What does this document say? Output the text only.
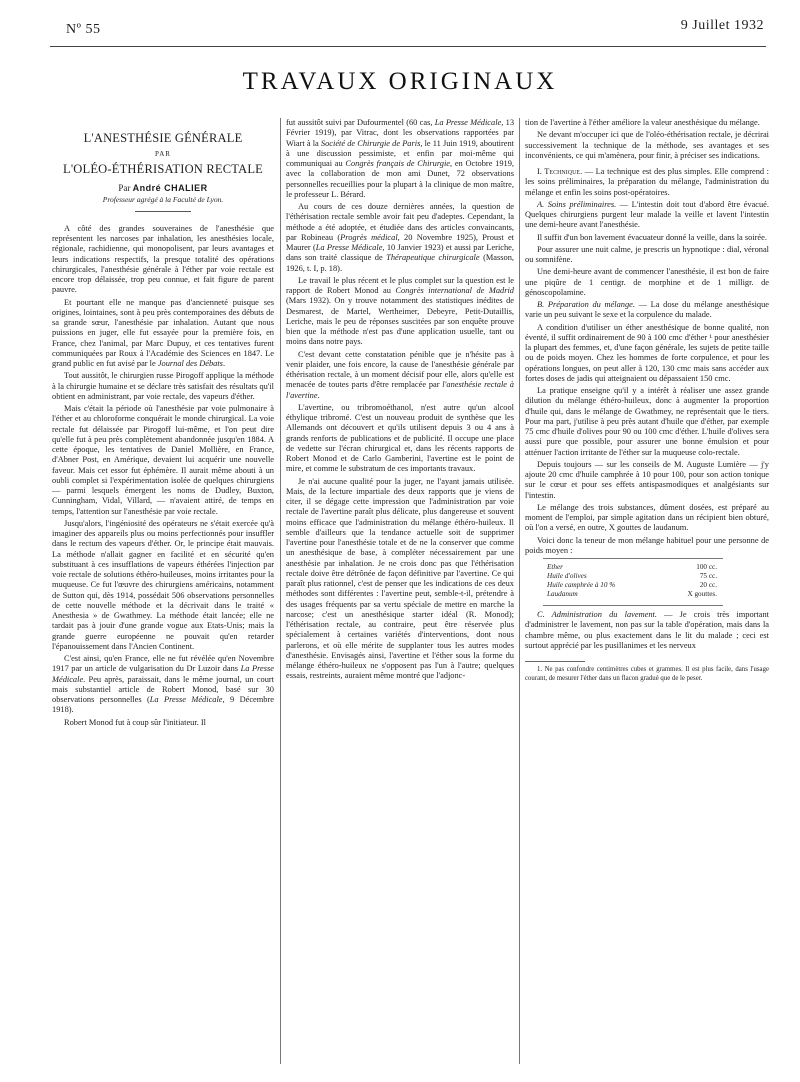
Nº 55	9 Juillet 1932
TRAVAUX ORIGINAUX
L'ANESTHÉSIE GÉNÉRALE
PAR
L'OLÉO-ÉTHÉRISATION RECTALE
Par André CHALIER
Professeur agrégé à la Faculté de Lyon.

A côté des grandes souveraines de l'anesthésie que représentent les narcoses par inhalation, les anesthésies locale, régionale, rachidienne, qui monopolisent, par leurs avantages et leurs indications respectifs, la presque totalité des opérations chirurgicales, l'anesthésie générale à l'éther par voie rectale est encore trop délaissée, trop peu connue, et fait figure de parent pauvre.

Et pourtant elle ne manque pas d'ancienneté puisque ses origines, lointaines, sont à peu près contemporaines des débuts de sa grande sœur, l'anesthésie par inhalation. Autant que nous puissions en juger, elle fut essayée pour la première fois, en France, chez l'animal, par Marc Dupuy, et ces tentatives furent communiquées par Roux à l'Académie des Sciences en 1847. Le grand public en fut avisé par le Journal des Débats.

Tout aussitôt, le chirurgien russe Pirogoff applique la méthode à la chirurgie humaine et se déclare très satisfait des résultats qu'il obtient en administrant, par voie rectale, des vapeurs d'éther.

Mais c'était la période où l'anesthésie par voie pulmonaire à l'éther et au chloroforme conquérait le monde chirurgical. La voie rectale fut délaissée par Pirogoff lui-même, et l'on peut dire qu'elle fut à peu près complètement abandonnée jusqu'en 1884. A cette époque, les tentatives de Daniel Mollière, en France, d'Abner Post, en Amérique, devaient lui acquérir une nouvelle faveur. Mais cet essor fut éphémère. Il aurait même abouti à un oubli complet si l'expérimentation isolée de quelques chirurgiens — parmi lesquels émergent les noms de Dudley, Buxton, Cunningham, Vidal, Villard, — n'avaient attiré, de temps en temps, l'attention sur l'anesthésie par voie rectale.

Jusqu'alors, l'ingéniosité des opérateurs ne s'était exercée qu'à imaginer des appareils plus ou moins perfectionnés pour insuffler dans le rectum des vapeurs d'éther. Or, le principe était mauvais. La méthode n'allait gagner en facilité et en sécurité qu'en substituant à ces insufflations de vapeurs éthérées l'injection par voie rectale de solutions éthéro-huileuses, moins irritantes pour la muqueuse. Ce fut l'œuvre des chirurgiens américains, notamment de Sutton qui, dès 1914, possédait 506 observations personnelles de cette nouvelle méthode et la décrivait dans le traité « Anesthesia » de Gwathmey. La méthode était lancée; elle ne tardait pas à jouir d'une grande vogue aux Etats-Unis; mais la grande guerre européenne ne pouvait qu'en retarder l'épanouissement dans l'Ancien Continent.

C'est ainsi, qu'en France, elle ne fut révélée qu'en Novembre 1917 par un article de vulgarisation du Dr Luzoir dans La Presse Médicale. Peu après, paraissait, dans le même journal, un court mais substantiel article de Robert Monod, basé sur 30 observations personnelles (La Presse Médicale, 9 Décembre 1918).

Robert Monod fut à coup sûr l'initiateur. Il

fut aussitôt suivi par Dufourmentel (60 cas, La Presse Médicale, 13 Février 1919), par Vitrac, dont les observations rapportées par Wiart à la Société de Chirurgie de Paris, le 11 Juin 1919, aboutirent à une discussion pessimiste, et enfin par moi-même qui communiquai au Congrès français de Chirurgie, en Octobre 1919, avec la collaboration de mon ami Dunet, 72 observations personnelles recueillies pour la plupart à la clinique de mon maître, le professeur L. Bérard.

Au cours de ces douze dernières années, la question de l'éthérisation rectale semble avoir fait peu d'adeptes. Cependant, la méthode a été adoptée, et étudiée dans des articles convaincants, par Robineau (Progrès médical, 20 Novembre 1925), Proust et Maurer (La Presse Médicale, 10 Janvier 1923) et aussi par Leriche, dans son traité classique de Thérapeutique chirurgicale (Masson, 1926, t. I, p. 18).

Le travail le plus récent et le plus complet sur la question est le rapport de Robert Monod au Congrès international de Madrid (Mars 1932). On y trouve notamment des statistiques inédites de Desmarest, de Martel, Wertheimer, Debeyre, Petit-Dutaillis, Leriche, mais le peu de réponses suscitées par son enquête prouve bien que la méthode n'est pas d'une application usuelle, tant ou moins dans notre pays.

C'est devant cette constatation pénible que je n'hésite pas à venir plaider, une fois encore, la cause de l'anesthésie générale par éthérisation rectale, à un moment décisif pour elle, alors qu'elle est menacée de toutes parts d'être remplacée par l'anesthésie rectale à l'avertine.

L'avertine, ou tribromoéthanol, n'est autre qu'un alcool éthylique tribromé. C'est un nouveau produit de synthèse que les Allemands ont découvert et qu'ils utilisent depuis 3 ou 4 ans à grands renforts de publications et de publicité. Il occupe une place de vedette sur l'écran chirurgical et, dans les récents rapports de Robert Monod et de Carlo Gamberini, l'avertine est le point de mire, et comme le substratum de ces importants travaux.

Je n'ai aucune qualité pour la juger, ne l'ayant jamais utilisée. Mais, de la lecture impartiale des deux rapports que je viens de citer, il se dégage cette impression que l'administration par voie rectale de l'avertine paraît plus délicate, plus dangereuse et souvent moins efficace que l'administration du mélange éthéro-huileux. Il semble d'ailleurs que la tendance actuelle soit de supprimer l'avertine pour l'anesthésie totale et de ne la conserver que comme un anesthésique de base, à compléter nécessairement par une anesthésie par inhalation. Je ne crois donc pas que l'éthérisation rectale doive être détrônée de façon définitive par l'avertine. Ce qui paraît plus rationnel, c'est de penser que les indications de ces deux méthodes sont différentes : l'avertine peut, semble-t-il, prétendre à des usages fréquents par sa vertu spéciale de mettre en marche la narcose; c'est un anesthésique starter idéal (R. Monod); l'éthérisation rectale, au contraire, peut être réservée plus spécialement à certaines variétés d'interventions, dont nous parlerons, et où elle mérite de supplanter tous les autres modes d'anesthésie. Envisagés ainsi, l'avertine et l'éther sous la forme du mélange éthéro-huileux ne s'opposent pas l'un à l'autre; quelques essais, restreints, auraient même montré que l'adjonc-

tion de l'avertine à l'éther améliore la valeur anesthésique du mélange.

Ne devant m'occuper ici que de l'oléo-éthérisation rectale, je décrirai successivement la technique de la méthode, ses avantages et ses inconvénients, ce qui m'amènera, pour finir, à préciser ses indications.

I. Technique. — La technique est des plus simples. Elle comprend : les soins préliminaires, la préparation du mélange, l'administration du mélange et enfin les soins post-opératoires.

A. Soins préliminaires. — L'intestin doit tout d'abord être évacué. Quelques chirurgiens purgent leur malade la veille et lavent l'intestin une demi-heure avant l'anesthésie.

Il suffit d'un bon lavement évacuateur donné la veille, dans la soirée.

Pour assurer une nuit calme, je prescris un hypnotique : dial, véronal ou somnifène.

Une demi-heure avant de commencer l'anesthésie, il est bon de faire une piqûre de 1 centigr. de morphine et de 1 milligr. de génoscopolamine.

B. Préparation du mélange. — La dose du mélange anesthésique varie un peu suivant le sexe et la corpulence du malade.

A condition d'utiliser un éther anesthésique de bonne qualité, non éventé, il suffit ordinairement de 90 à 100 cmc d'éther ¹ pour anesthésier la plupart des femmes, et, d'une façon générale, les sujets de petite taille ou de poids moyen. Chez les hommes de forte corpulence, et pour les opérations longues, on peut aller à 120, 130 cmc mais sans accéder aux fortes doses de jadis qui atteignaient ou dépassaient 150 cmc.

La pratique enseigne qu'il y a intérêt à réaliser une assez grande dilution du mélange éthéro-huileux, donc à augmenter la proportion d'huile qui, dans le mélange de Gwathmey, ne représentait que le tiers. Pour ma part, j'utilise à peu près autant d'huile que d'éther, par exemple 75 cmc d'huile d'olives pour 90 ou 100 cmc d'éther. L'huile d'olives sera aussi pure que possible, pour assurer une bonne émulsion et pour atténuer l'action irritante de l'éther sur la muqueuse colo-rectale.

Depuis toujours — sur les conseils de M. Auguste Lumière — j'y ajoute 20 cmc d'huile camphrée à 10 pour 100, pour son action tonique sur le cœur et pour ses effets antispasmodiques et analgésiants sur l'intestin.

Le mélange des trois substances, dûment dosées, est préparé au moment de l'emploi, par simple agitation dans un récipient bien obturé, où l'on a versé, en outre, X gouttes de laudanum.

Voici donc la teneur de mon mélange habituel pour une personne de poids moyen :

Ether	100 cc.
Huile d'olives	75 cc.
Huile camphrée à 10 %	20 cc.
Laudanum	X gouttes.

C. Administration du lavement. — Je crois très important d'administrer le lavement, non pas sur la table d'opération, mais dans la chambre même, ou plus exactement dans le lit du malade ; ceci est surtout apprécié par les pusillanimes et les nerveux

1. Ne pas confondre centimètres cubes et grammes. Il est plus facile, dans l'usage courant, de mesurer l'éther dans un flacon gradué que de le peser.
